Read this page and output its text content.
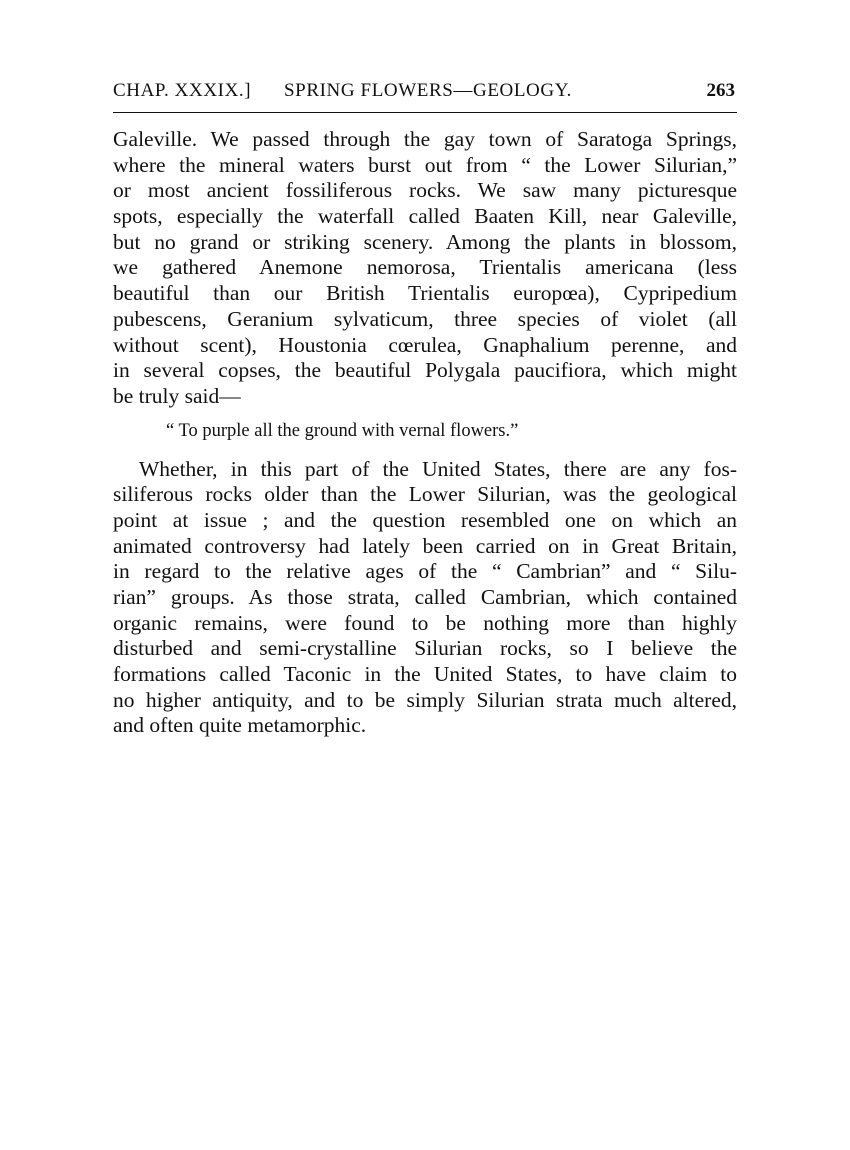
CHAP. XXXIX.] SPRING FLOWERS—GEOLOGY.	263
Galeville. We passed through the gay town of Saratoga Springs,
where the mineral waters burst out from “ the Lower Silurian,”
or most ancient fossiliferous rocks. We saw many picturesque
spots, especially the waterfall called Baaten Kill, near Galeville,
but no grand or striking scenery. Among the plants in blossom,
we gathered Anemone nemorosa, Trientalis americana (less
beautiful than our British Trientalis europœa), Cypripedium
pubescens, Geranium sylvaticum, three species of violet (all
without scent), Houstonia cœrulea, Gnaphalium perenne, and
in several copses, the beautiful Polygala paucifiora, which might
be truly said—
“ To purple all the ground with vernal flowers.”
Whether, in this part of the United States, there are any fos-
siliferous rocks older than the Lower Silurian, was the geological
point at issue ; and the question resembled one on which an
animated controversy had lately been carried on in Great Britain,
in regard to the relative ages of the “ Cambrian” and “ Silu-
rian” groups. As those strata, called Cambrian, which contained
organic remains, were found to be nothing more than highly
disturbed and semi-crystalline Silurian rocks, so I believe the
formations called Taconic in the United States, to have claim to
no higher antiquity, and to be simply Silurian strata much altered,
and often quite metamorphic.
